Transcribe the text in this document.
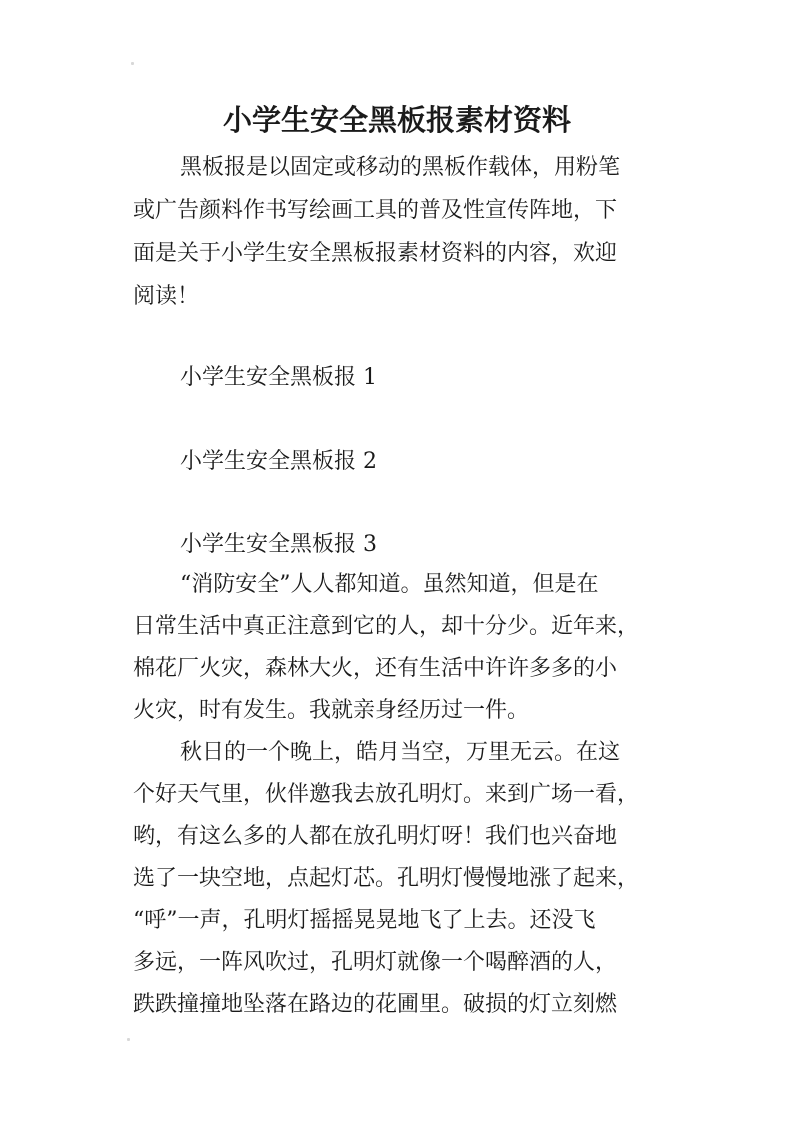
小学生安全黑板报素材资料

黑板报是以固定或移动的黑板作载体，用粉笔

或广告颜料作书写绘画工具的普及性宣传阵地，下

面是关于小学生安全黑板报素材资料的内容，欢迎

阅读！

小学生安全黑板报 1

小学生安全黑板报 2

小学生安全黑板报 3

“消防安全”人人都知道。虽然知道，但是在

日常生活中真正注意到它的人，却十分少。近年来，

棉花厂火灾，森林大火，还有生活中许许多多的小

火灾，时有发生。我就亲身经历过一件。

秋日的一个晚上，皓月当空，万里无云。在这

个好天气里，伙伴邀我去放孔明灯。来到广场一看，

哟，有这么多的人都在放孔明灯呀！我们也兴奋地

选了一块空地，点起灯芯。孔明灯慢慢地涨了起来，

“呼”一声，孔明灯摇摇晃晃地飞了上去。还没飞

多远，一阵风吹过，孔明灯就像一个喝醉酒的人，

跌跌撞撞地坠落在路边的花圃里。破损的灯立刻燃
